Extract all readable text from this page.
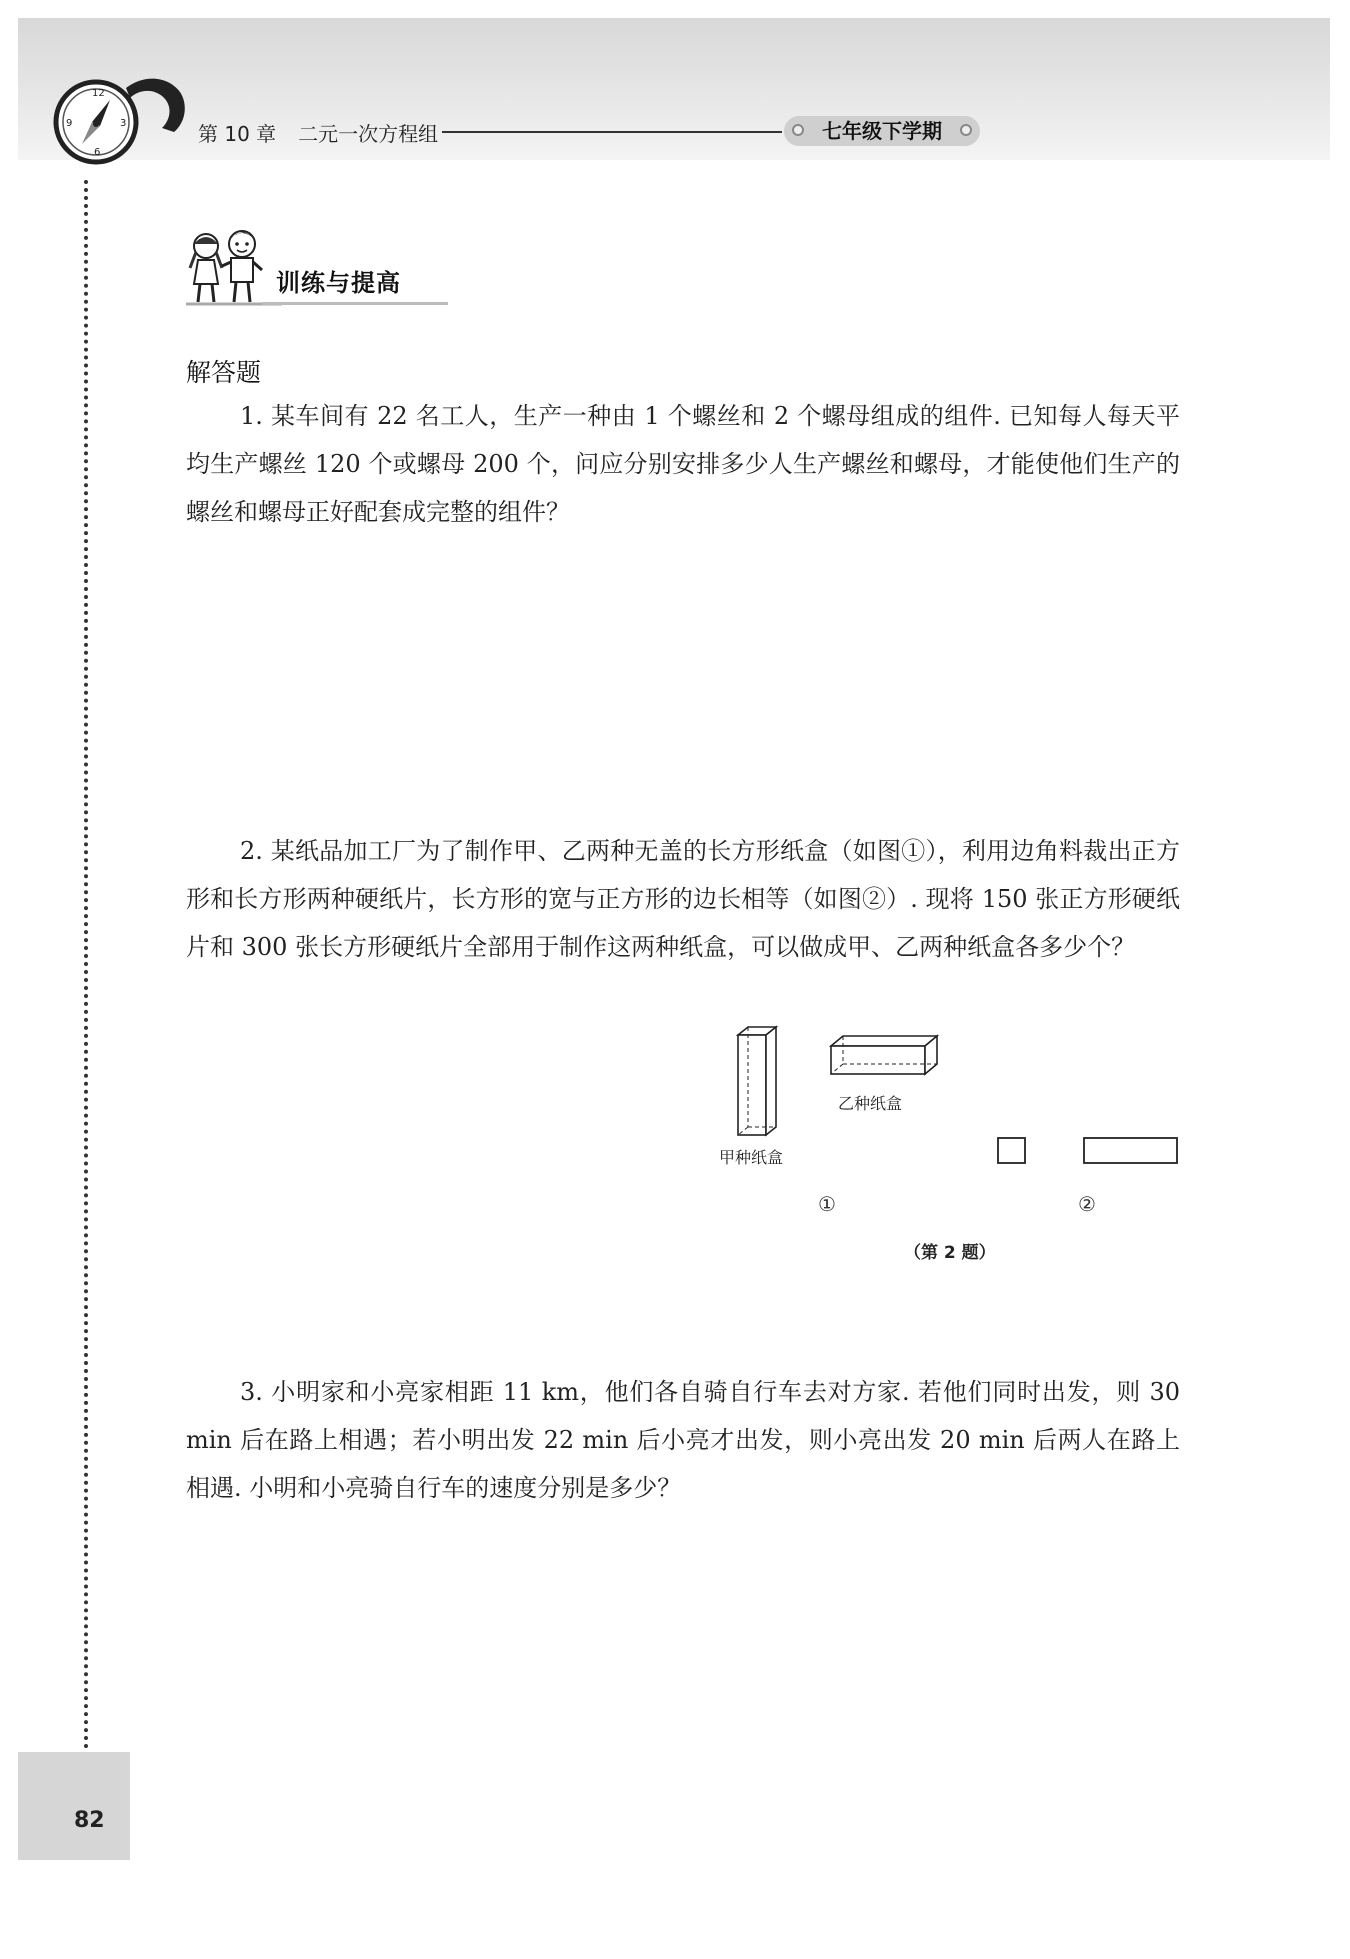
12
3
6
9	第 10 章 二元一次方程组	七年级下学期
训练与提高
解答题
1. 某车间有 22 名工人，生产一种由 1 个螺丝和 2 个螺母组成的组件. 已知每人每天平均生产螺丝 120 个或螺母 200 个，问应分别安排多少人生产螺丝和螺母，才能使他们生产的螺丝和螺母正好配套成完整的组件？
2. 某纸品加工厂为了制作甲、乙两种无盖的长方形纸盒（如图①），利用边角料裁出正方形和长方形两种硬纸片，长方形的宽与正方形的边长相等（如图②）. 现将 150 张正方形硬纸片和 300 张长方形硬纸片全部用于制作这两种纸盒，可以做成甲、乙两种纸盒各多少个？
3. 小明家和小亮家相距 11 km，他们各自骑自行车去对方家. 若他们同时出发，则 30 min 后在路上相遇；若小明出发 22 min 后小亮才出发，则小亮出发 20 min 后两人在路上相遇. 小明和小亮骑自行车的速度分别是多少？
甲种纸盒
乙种纸盒
①	②
（第 2 题）
82
